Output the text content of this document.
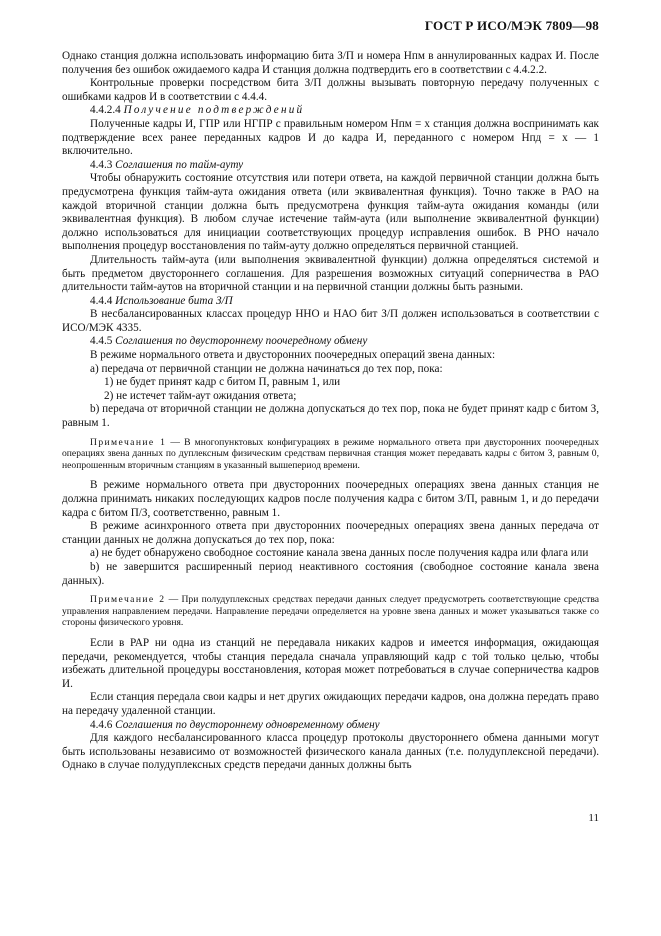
ГОСТ Р ИСО/МЭК 7809—98

Однако станция должна использовать информацию бита З/П и номера Нпм в аннулированных кадрах И. После получения без ошибок ожидаемого кадра И станция должна подтвердить его в соответствии с 4.4.2.2.

Контрольные проверки посредством бита З/П должны вызывать повторную передачу полученных с ошибками кадров И в соответствии с 4.4.4.

4.4.2.4 Получение подтверждений

Полученные кадры И, ГПР или НГПР с правильным номером Нпм = x станция должна воспринимать как подтверждение всех ранее переданных кадров И до кадра И, переданного с номером Нпд = x — 1 включительно.

4.4.3 Соглашения по тайм-ауту

Чтобы обнаружить состояние отсутствия или потери ответа, на каждой первичной станции должна быть предусмотрена функция тайм-аута ожидания ответа (или эквивалентная функция). Точно также в РАО на каждой вторичной станции должна быть предусмотрена функция тайм-аута ожидания команды (или эквивалентная функция). В любом случае истечение тайм-аута (или выполнение эквивалентной функции) должно использоваться для инициации соответствующих процедур исправления ошибок. В РНО начало выполнения процедур восстановления по тайм-ауту должно определяться первичной станцией.

Длительность тайм-аута (или выполнения эквивалентной функции) должна определяться системой и быть предметом двустороннего соглашения. Для разрешения возможных ситуаций соперничества в РАО длительности тайм-аутов на вторичной станции и на первичной станции должны быть разными.

4.4.4 Использование бита З/П

В несбалансированных классах процедур ННО и НАО бит З/П должен использоваться в соответствии с ИСО/МЭК 4335.

4.4.5 Соглашения по двустороннему поочередному обмену

В режиме нормального ответа и двусторонних поочередных операций звена данных:

а) передача от первичной станции не должна начинаться до тех пор, пока:

1) не будет принят кадр с битом П, равным 1, или

2) не истечет тайм-аут ожидания ответа;

b) передача от вторичной станции не должна допускаться до тех пор, пока не будет принят кадр с битом З, равным 1.

Примечание 1 — В многопунктовых конфигурациях в режиме нормального ответа при двусторонних поочередных операциях звена данных по дуплексным физическим средствам первичная станция может передавать кадры с битом З, равным 0, неопрошенным вторичным станциям в указанный вышепериод времени.

В режиме нормального ответа при двусторонних поочередных операциях звена данных станция не должна принимать никаких последующих кадров после получения кадра с битом З/П, равным 1, и до передачи кадра с битом П/З, соответственно, равным 1.

В режиме асинхронного ответа при двусторонних поочередных операциях звена данных передача от станции данных не должна допускаться до тех пор, пока:

а) не будет обнаружено свободное состояние канала звена данных после получения кадра или флага или

b) не завершится расширенный период неактивного состояния (свободное состояние канала звена данных).

Примечание 2 — При полудуплексных средствах передачи данных следует предусмотреть соответствующие средства управления направлением передачи. Направление передачи определяется на уровне звена данных и может указываться также со стороны физического уровня.

Если в РАР ни одна из станций не передавала никаких кадров и имеется информация, ожидающая передачи, рекомендуется, чтобы станция передала сначала управляющий кадр с той только целью, чтобы избежать длительной процедуры восстановления, которая может потребоваться в случае соперничества кадров И.

Если станция передала свои кадры и нет других ожидающих передачи кадров, она должна передать право на передачу удаленной станции.

4.4.6 Соглашения по двустороннему одновременному обмену

Для каждого несбалансированного класса процедур протоколы двустороннего обмена данными могут быть использованы независимо от возможностей физического канала данных (т.е. полудуплексной передачи). Однако в случае полудуплексных средств передачи данных должны быть

11
